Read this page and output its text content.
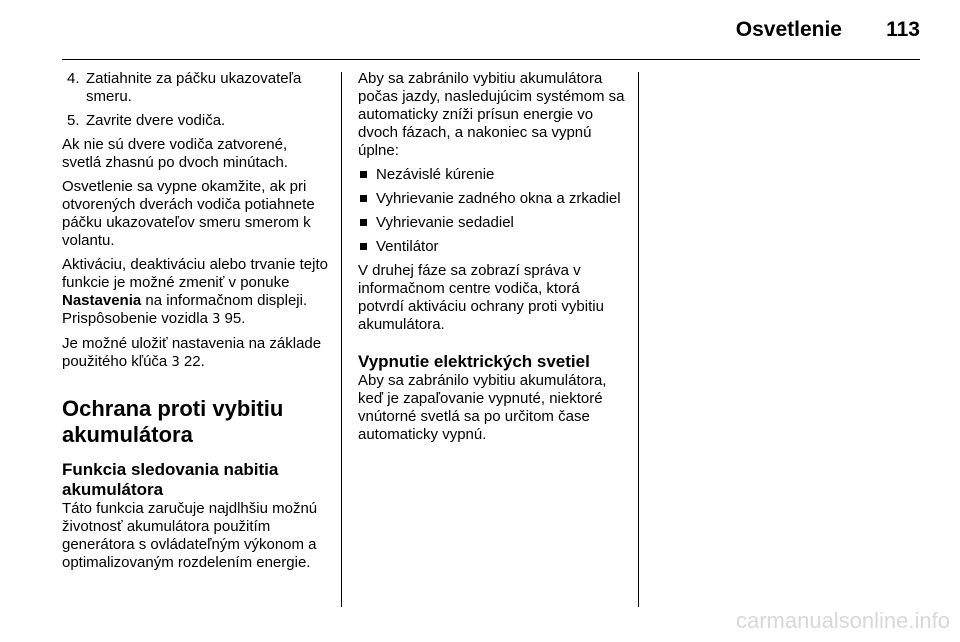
Osvetlenie 113
4. Zatiahnite za páčku ukazovateľa smeru.
5. Zavrite dvere vodiča.

Ak nie sú dvere vodiča zatvorené, svetlá zhasnú po dvoch minútach.

Osvetlenie sa vypne okamžite, ak pri otvorených dverách vodiča potiahnete páčku ukazovateľov smeru smerom k volantu.

Aktiváciu, deaktiváciu alebo trvanie tejto funkcie je možné zmeniť v ponuke Nastavenia na informačnom displeji. Prispôsobenie vozidla 3 95.

Je možné uložiť nastavenia na základe použitého kľúča 3 22.

Ochrana proti vybitiu akumulátora
Funkcia sledovania nabitia akumulátora

Táto funkcia zaručuje najdlhšiu možnú životnosť akumulátora použitím generátora s ovládateľným výkonom a optimalizovaným rozdelením energie.

Aby sa zabránilo vybitiu akumulátora počas jazdy, nasledujúcim systémom sa automaticky zníži prísun energie vo dvoch fázach, a nakoniec sa vypnú úplne:

Nezávislé kúrenie
Vyhrievanie zadného okna a zrkadiel
Vyhrievanie sedadiel
Ventilátor

V druhej fáze sa zobrazí správa v informačnom centre vodiča, ktorá potvrdí aktiváciu ochrany proti vybitiu akumulátora.

Vypnutie elektrických svetiel

Aby sa zabránilo vybitiu akumulátora, keď je zapaľovanie vypnuté, niektoré vnútorné svetlá sa po určitom čase automaticky vypnú.

carmanualsonline.info
